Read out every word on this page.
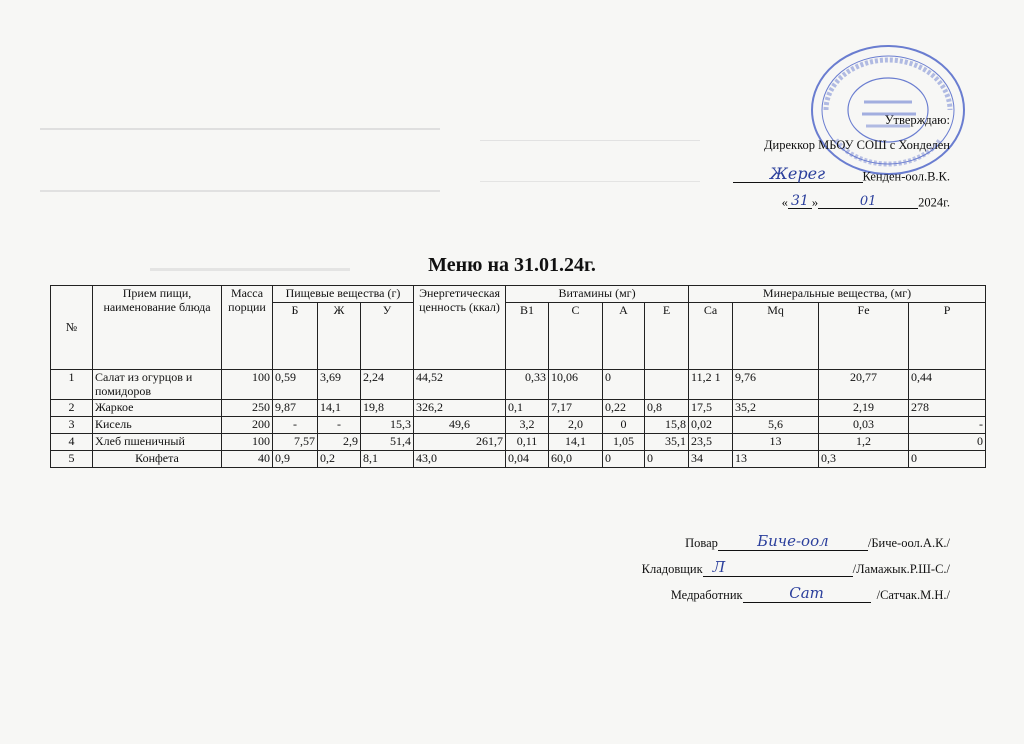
Утверждаю:
Диреккор МБОУ СОШ с Хонделен
Жерег	Кенден-оол.В.К.
« 31 »	01	2024г.
Меню на 31.01.24г.
№	Прием пищи, наименование блюда	Масса порции	Пищевые вещества (г)			Энергетическая ценность (ккал)	Витамины (мг)				Минеральные вещества, (мг)			
			Б	Ж	У		В1	С	А	Е	Са	Mq	Fe	Р
1	Салат из огурцов и помидоров	100	0,59	3,69	2,24	44,52	0,33	10,06	0		11,2 1	9,76	20,77	0,44
2	Жаркое	250	9,87	14,1	19,8	326,2	0,1	7,17	0,22	0,8	17,5	35,2	2,19	278
3	Кисель	200	-	-	15,3	49,6	3,2	2,0	0	15,8	0,02	5,6	0,03	-
4	Хлеб пшеничный	100	7,57	2,9	51,4	261,7	0,11	14,1	1,05	35,1	23,5	13	1,2	0
5	Конфета	40	0,9	0,2	8,1	43,0	0,04	60,0	0	0	34	13	0,3	0
Повар	Биче-оол	/Биче-оол.А.К./
Кладовщик Л	/Ламажык.Р.Ш-С./
Медработник	Сат	/Сатчак.М.Н./
